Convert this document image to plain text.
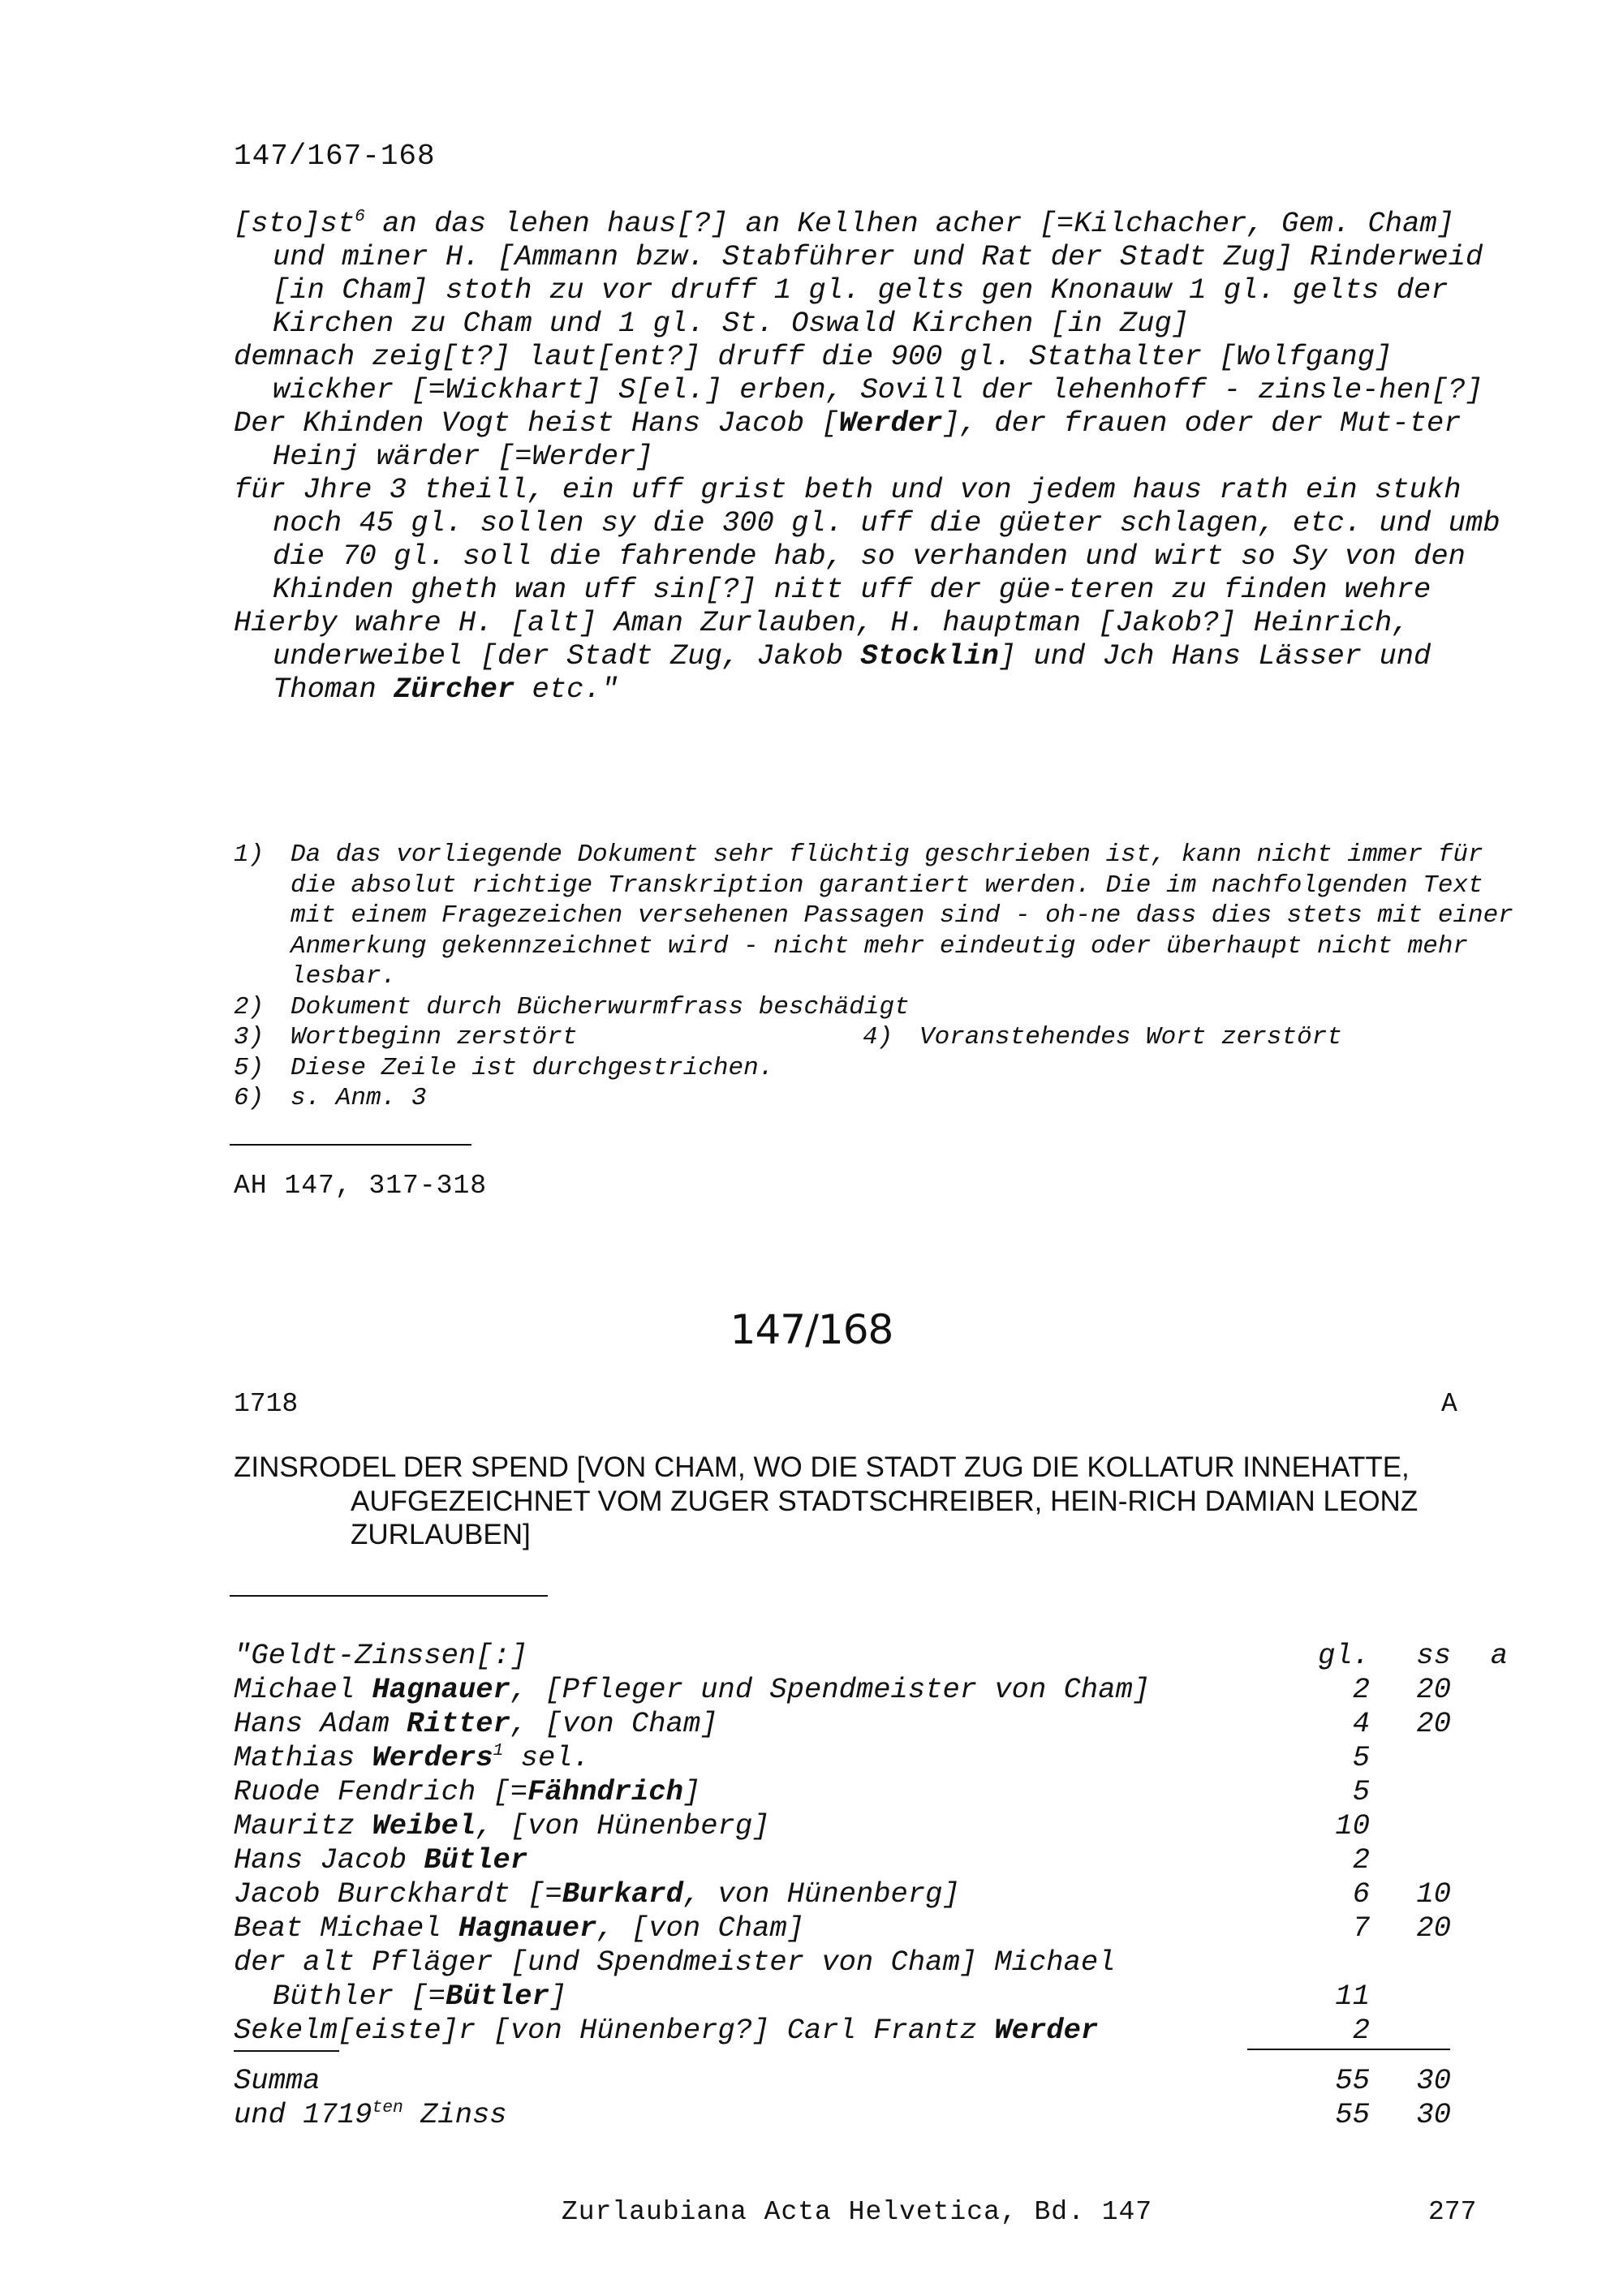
147/167-168

$[sto]st^6$ an das lehen haus[?] an Kellhen acher [=Kilchacher, Gem. Cham] und miner H. [Ammann bzw. Stabführer und Rat der Stadt Zug] Rinderweid [in Cham] stoth zu vor druff 1 gl. gelts gen Knonauw 1 gl. gelts der Kirchen zu Cham und 1 gl. St. Oswald Kirchen [in Zug]

demnach zeig[t?] laut[ent?] druff die 900 gl. Stathalter [Wolfgang] wickher [=Wickhart] S[el.] erben, Sovill der lehenhoff - zinsle-hen[?]

Der Khinden Vogt heist Hans Jacob [Werder], der frauen oder der Mut-ter Heinj wärder [=Werder]

für Jhre 3 theill, ein uff grist beth und von jedem haus rath ein stukh noch 45 gl. sollen sy die 300 gl. uff die güeter schlagen, etc. und umb die 70 gl. soll die fahrende hab, so verhanden und wirt so Sy von den Khinden gheth wan uff sin[?] nitt uff der güe-teren zu finden wehre

Hierby wahre H. [alt] Aman Zurlauben, H. hauptman [Jakob?] Heinrich, underweibel [der Stadt Zug, Jakob Stocklin] und Jch Hans Lässer und Thoman Zürcher etc."

1) Da das vorliegende Dokument sehr flüchtig geschrieben ist, kann nicht immer für die absolut richtige Transkription garantiert werden. Die im nachfolgenden Text mit einem Fragezeichen versehenen Passagen sind - oh-ne dass dies stets mit einer Anmerkung gekennzeichnet wird - nicht mehr eindeutig oder überhaupt nicht mehr lesbar.

2) Dokument durch Bücherwurmfrass beschädigt

3) Wortbeginn zerstört	4) Voranstehendes Wort zerstört

5) Diese Zeile ist durchgestrichen.

6) s. Anm. 3

AH 147, 317-318
147/168
1718	A
ZINSRODEL DER SPEND [VON CHAM, WO DIE STADT ZUG DIE KOLLATUR INNEHATTE, AUFGEZEICHNET VOM ZUGER STADTSCHREIBER, HEIN-RICH DAMIAN LEONZ ZURLAUBEN]
"Geldt-Zinssen[:]	gl.	ss	a
Michael Hagnauer, [Pfleger und Spendmeister von Cham]	2	20
Hans Adam Ritter, [von Cham]	4	20
Mathias Werders$^1$ sel.	5
Ruode Fendrich [=Fähndrich]	5
Mauritz Weibel, [von Hünenberg]	10
Hans Jacob Bütler	2
Jacob Burckhardt [=Burkard, von Hünenberg]	6	10
Beat Michael Hagnauer, [von Cham]	7	20
der alt Pfläger [und Spendmeister von Cham] Michael
Büthler [=Bütler]	11
Sekelm[eiste]r [von Hünenberg?] Carl Frantz Werder	2
Summa	55	30
und $1719^{ten}$ Zinss	55	30
Zurlaubiana Acta Helvetica, Bd. 147	277
